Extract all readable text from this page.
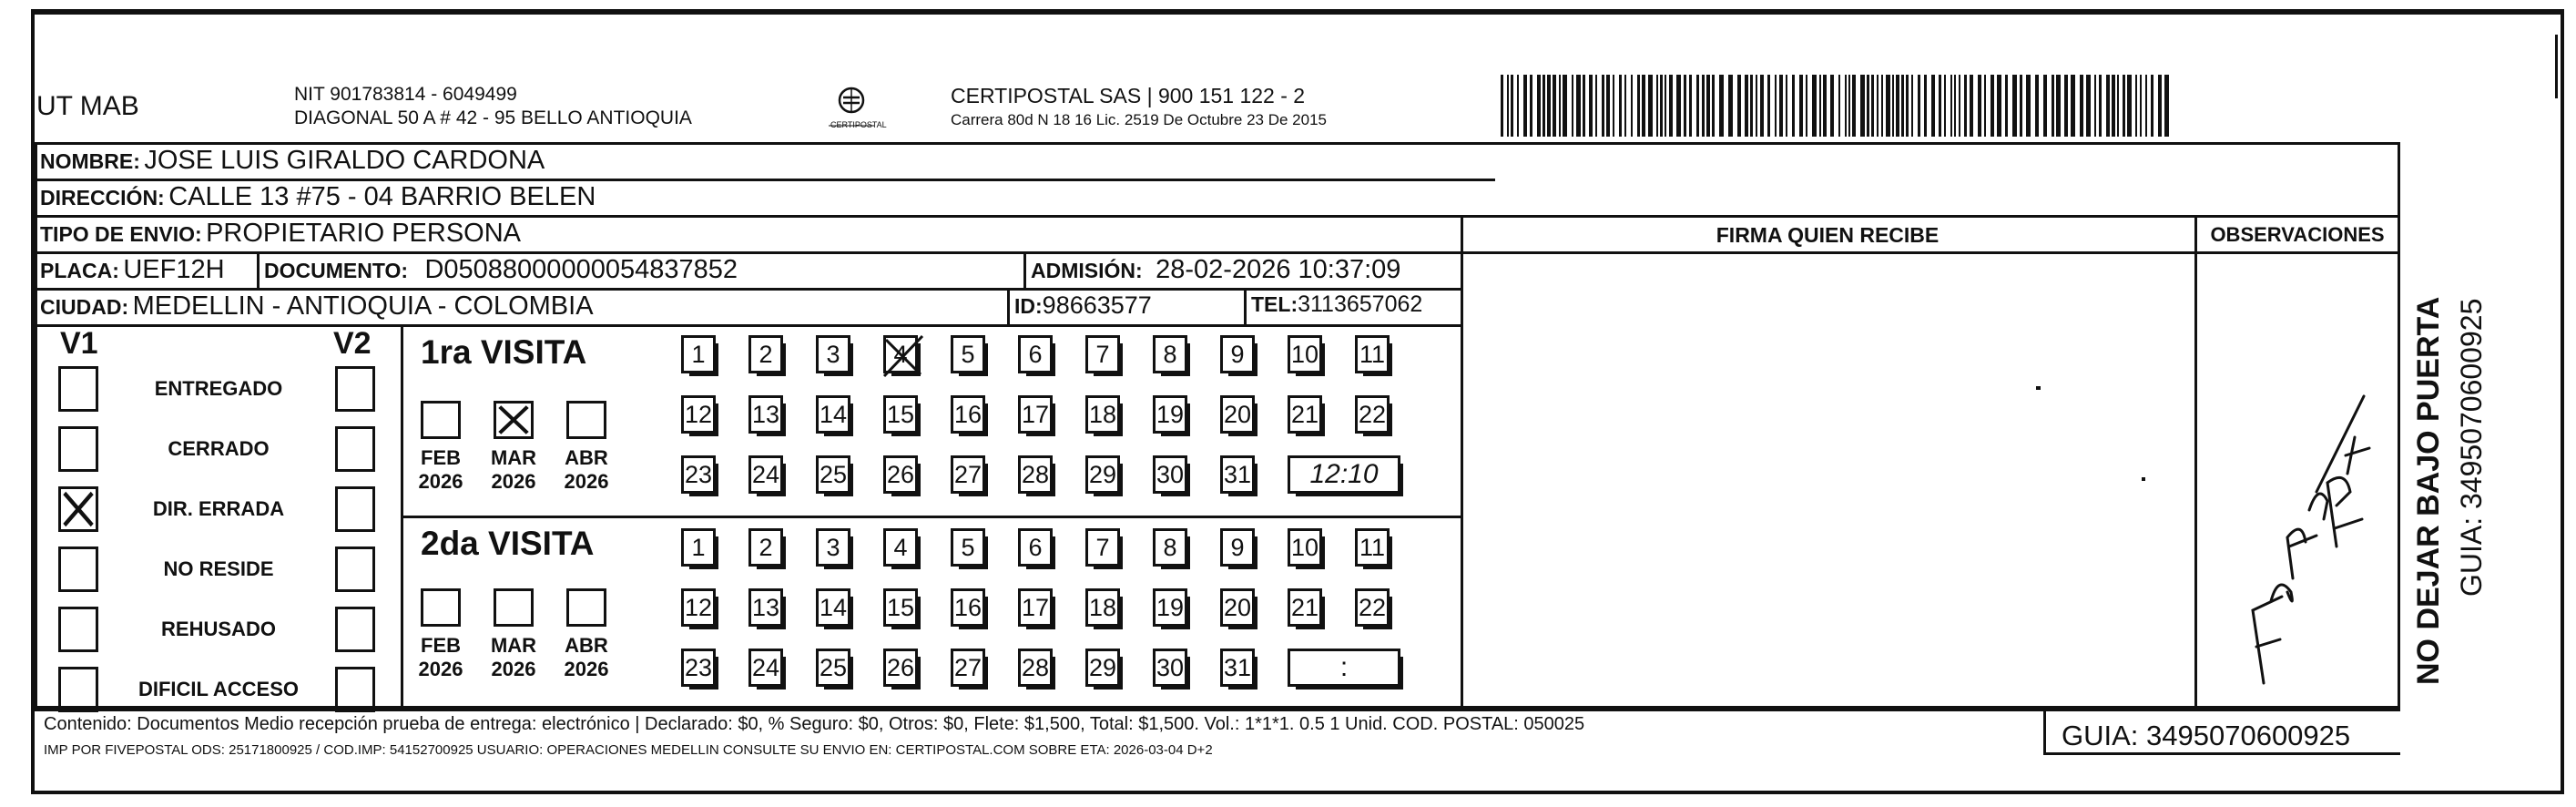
UT MAB	NIT 901783814 - 6049499
DIAGONAL 50 A # 42 - 95 BELLO ANTIOQUIA	CERTIPOSTAL
CERTIPOSTAL SAS | 900 151 122 - 2
Carrera 80d N 18 16 Lic. 2519 De Octubre 23 De 2015
NOMBRE: JOSE LUIS GIRALDO CARDONA
DIRECCIÓN: CALLE 13 #75 - 04 BARRIO BELEN
TIPO DE ENVIO: PROPIETARIO PERSONA
PLACA: UEF12H DOCUMENTO: D05088000000054837852	ADMISIÓN: 28-02-2026 10:37:09
CIUDAD: MEDELLIN - ANTIOQUIA - COLOMBIA	ID:98663577	TEL:3113657062
FIRMA QUIEN RECIBE	OBSERVACIONES
V1	V2
ENTREGADO
CERRADO
DIR. ERRADA
NO RESIDE
REHUSADO
DIFICIL ACCESO
1ra VISITA
2da VISITA
FEB
2026
MAR
2026
ABR
2026
1	2	3	4	5	6	7	8	9	10 11
12 13 14 15 16 17 18 19 20 21 22
23 24 25 26 27 28 29 30 31	12:10
FEB
2026
MAR
2026
ABR
2026
1	2	3	4	5	6	7	8	9	10 11
12 13 14 15 16 17 18 19 20 21 22
23 24 25 26 27 28 29 30 31	:
Contenido: Documentos Medio recepción prueba de entrega: electrónico | Declarado: $0, % Seguro: $0, Otros: $0, Flete: $1,500, Total: $1,500. Vol.: 1*1*1. 0.5 1 Unid. COD. POSTAL: 050025
IMP POR FIVEPOSTAL ODS: 25171800925 / COD.IMP: 54152700925 USUARIO: OPERACIONES MEDELLIN CONSULTE SU ENVIO EN: CERTIPOSTAL.COM SOBRE ETA: 2026-03-04 D+2	GUIA: 3495070600925
NO DEJAR BAJO PUERTA GUIA: 3495070600925
